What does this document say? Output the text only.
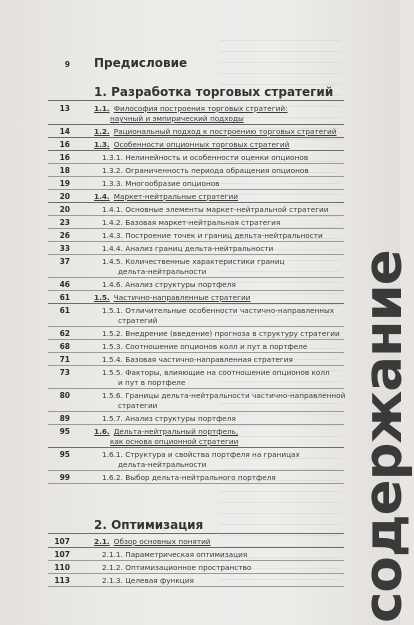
содержание
9 Предисловие
1. Разработка торговых стратегий
13	1.1. Философия построения торговых стратегий:
научный и эмпирический подходы
14	1.2. Рациональный подход к построению торговых стратегий
16	1.3. Особенности опционных торговых стратегий
16	1.3.1. Нелинейность и особенности оценки опционов
18	1.3.2. Ограниченность периода обращения опционов
19	1.3.3. Многообразие опционов
20	1.4. Маркет-нейтральные стратегии
20	1.4.1. Основные элементы маркет-нейтральной стратегии
23	1.4.2. Базовая маркет-нейтральная стратегия
26	1.4.3. Построение точек и границ дельта-нейтральности
33	1.4.4. Анализ границ дельта-нейтральности
37	1.4.5. Количественные характеристики границ
дельта-нейтральности
46	1.4.6. Анализ структуры портфеля
61	1.5. Частично-направленные стратегии
61	1.5.1. Отличительные особенности частично-направленных
стратегий
62	1.5.2. Внедрение (введение) прогноза в структуру стратегии
68	1.5.3. Соотношение опционов колл и пут в портфеле
71	1.5.4. Базовая частично-направленная стратегия
73	1.5.5. Факторы, влияющие на соотношение опционов колл
и пут в портфеле
80	1.5.6. Границы дельта-нейтральности частично-направленной
стратегии
89	1.5.7. Анализ структуры портфеля
95	1.6. Дельта-нейтральный портфель,
как основа опционной стратегии
95	1.6.1. Структура и свойства портфеля на границах
дельта-нейтральности
99	1.6.2. Выбор дельта-нейтрального портфеля
2. Оптимизация
107	2.1. Обзор основных понятий
107	2.1.1. Параметрическая оптимизация
110	2.1.2. Оптимизационное пространство
113	2.1.3. Целевая функция
